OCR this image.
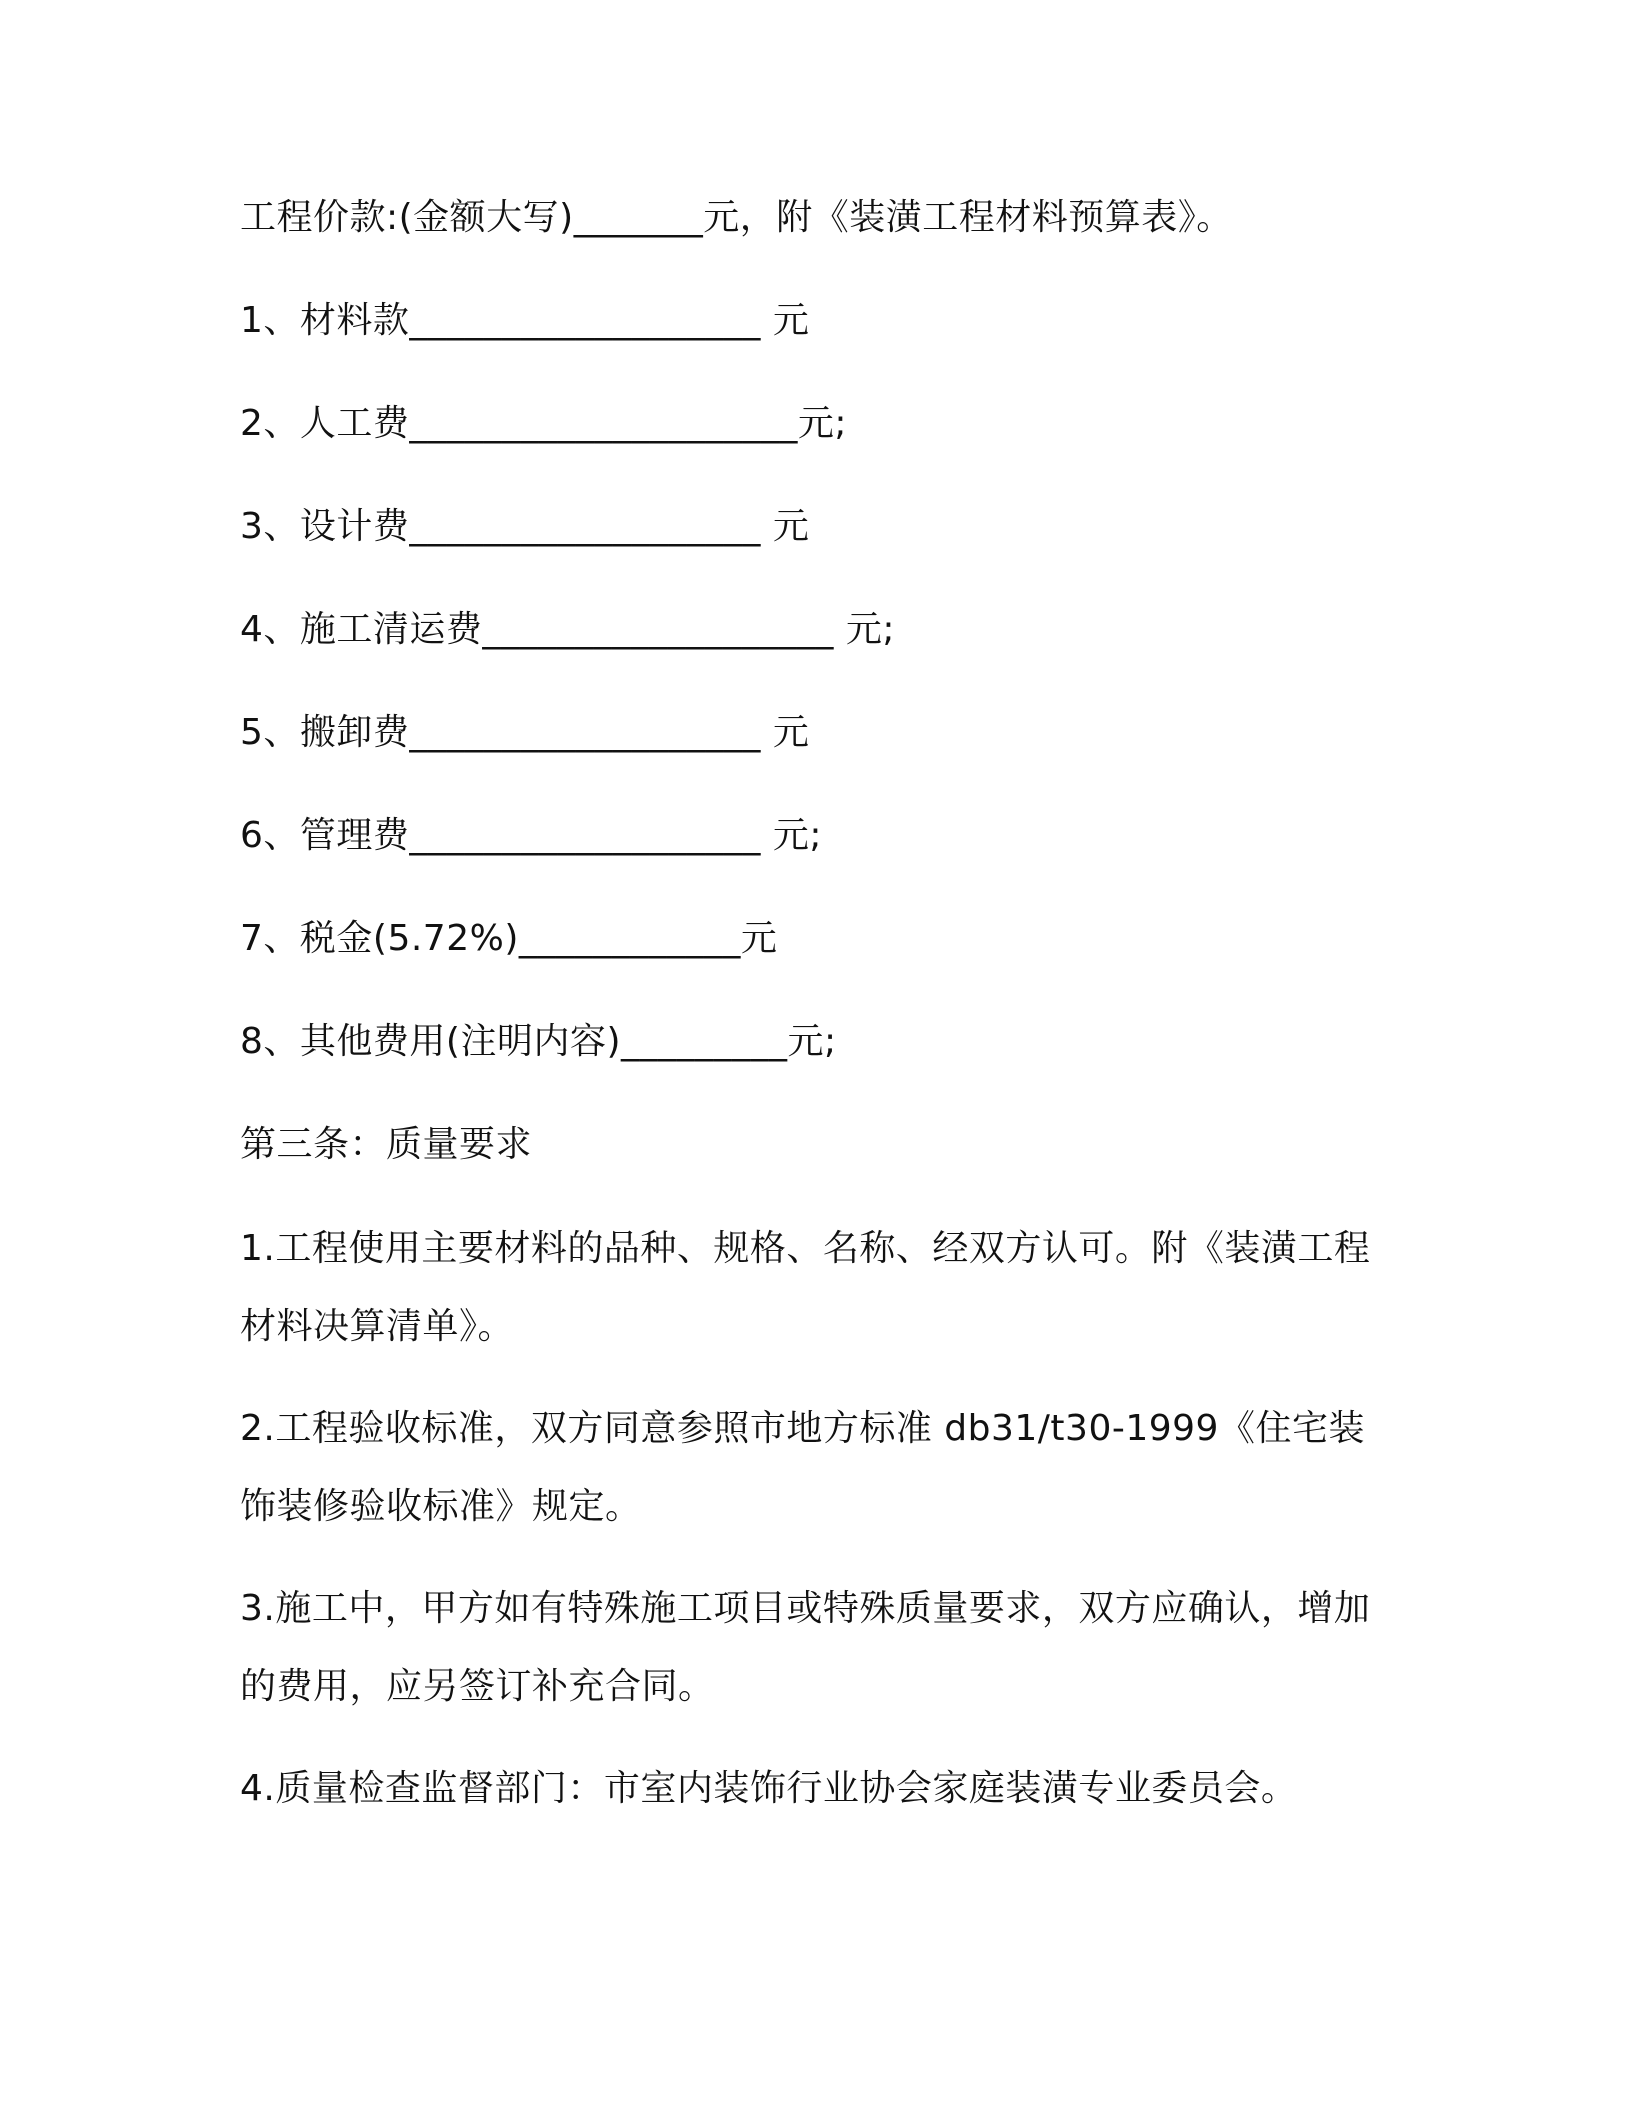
工程价款:(金额大写)_______元，附《装潢工程材料预算表》。
1、材料款___________________ 元
2、人工费_____________________元;
3、设计费___________________ 元
4、施工清运费___________________ 元;
5、搬卸费___________________ 元
6、管理费___________________ 元;
7、税金(5.72%)____________元
8、其他费用(注明内容)_________元;
第三条：质量要求
1.工程使用主要材料的品种、规格、名称、经双方认可。附《装潢工程材料决算清单》。
2.工程验收标准，双方同意参照市地方标准 db31/t30-1999《住宅装饰装修验收标准》规定。
3.施工中，甲方如有特殊施工项目或特殊质量要求，双方应确认，增加的费用，应另签订补充合同。
4.质量检查监督部门：市室内装饰行业协会家庭装潢专业委员会。
